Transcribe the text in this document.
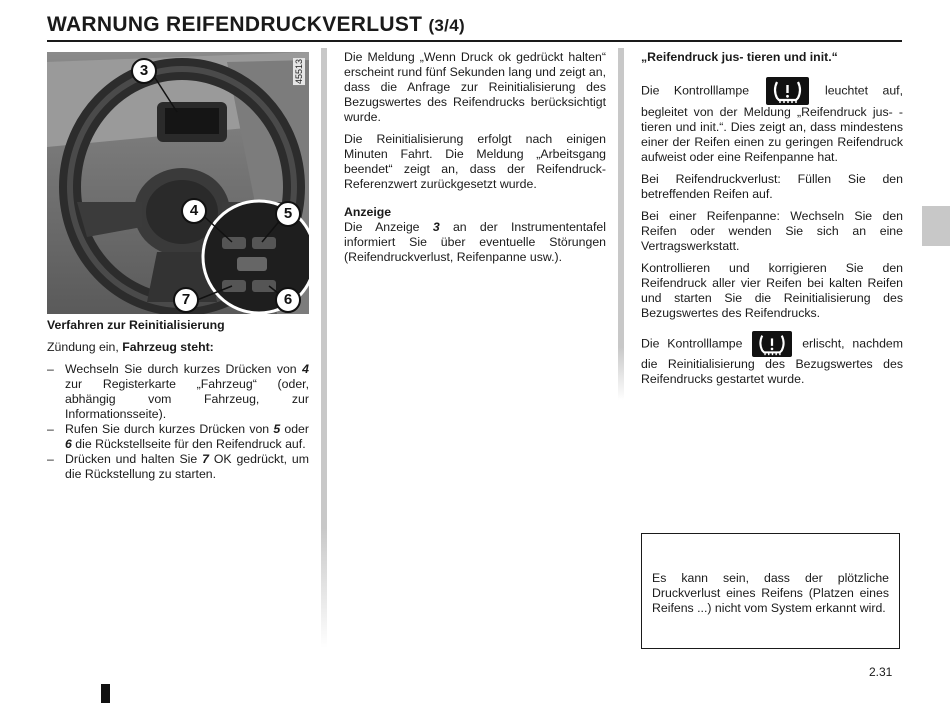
WARNUNG REIFENDRUCKVERLUST (3/4)
45513
3
4	5
6
7

Verfahren zur Reinitialisierung

Zündung ein, Fahrzeug steht:

– Wechseln Sie durch kurzes Drücken von 4 zur Registerkarte „Fahrzeug“ (oder, abhängig vom Fahrzeug, zur Informationsseite).
– Rufen Sie durch kurzes Drücken von 5 oder 6 die Rückstellseite für den Reifendruck auf.
– Drücken und halten Sie 7 OK gedrückt, um die Rückstellung zu starten.

Die Meldung „Wenn Druck ok gedrückt halten“ erscheint rund fünf Sekunden lang und zeigt an, dass die Anfrage zur Reinitialisierung des Bezugswertes des Reifendrucks berücksichtigt wurde.

Die Reinitialisierung erfolgt nach einigen Minuten Fahrt. Die Meldung „Arbeitsgang beendet“ zeigt an, dass der Reifendruck-Referenzwert zurückgesetzt wurde.

Anzeige

Die Anzeige 3 an der Instrumententafel informiert Sie über eventuelle Störungen (Reifendruckverlust, Reifenpanne usw.).

„Reifendruck jus- tieren und init.“

Die Kontrolllampe	leuchtet auf, begleitet von der Meldung „Reifendruck jus- -tieren und init.“. Dies zeigt an, dass mindestens einer der Reifen einen zu geringen Reifendruck aufweist oder eine Reifenpanne hat.

Bei Reifendruckverlust: Füllen Sie den betreffenden Reifen auf.

Bei einer Reifenpanne: Wechseln Sie den Reifen oder wenden Sie sich an eine Vertragswerkstatt.

Kontrollieren und korrigieren Sie den Reifendruck aller vier Reifen bei kalten Reifen und starten Sie die Reinitialisierung des Bezugswertes des Reifendrucks.

Die Kontrolllampe	erlischt, nachdem die Reinitialisierung des Bezugswertes des Reifendrucks gestartet wurde.

Es kann sein, dass der plötzliche Druckverlust eines Reifens (Platzen eines Reifens ...) nicht vom System erkannt wird.

2.31
